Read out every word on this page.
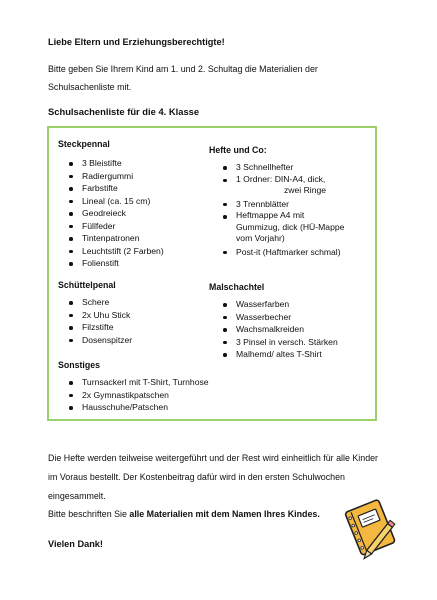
Liebe Eltern und Erziehungsberechtigte!
Bitte geben Sie Ihrem Kind am 1. und 2. Schultag die Materialien der Schulsachenliste mit.
Schulsachenliste für die 4. Klasse
Steckpennal
3 Bleistifte
Radiergummi
Farbstifte
Lineal (ca. 15 cm)
Geodreieck
Füllfeder
Tintenpatronen
Leuchtstift (2 Farben)
Folienstift
Schüttelpenal
Schere
2x Uhu Stick
Filzstifte
Dosenspitzer
Sonstiges
Turnsackerl mit T-Shirt, Turnhose
2x Gymnastikpatschen
Hausschuhe/Patschen
Hefte und Co:
3 Schnellhefter
1 Ordner: DIN-A4, dick,
zwei Ringe
3 Trennblätter
Heftmappe A4 mit
Gummizug, dick (HÜ-Mappe
vom Vorjahr)
Post-it (Haftmarker schmal)
Malschachtel
Wasserfarben
Wasserbecher
Wachsmalkreiden
3 Pinsel in versch. Stärken
Malhemd/ altes T-Shirt
Die Hefte werden teilweise weitergeführt und der Rest wird einheitlich für alle Kinder im Voraus bestellt. Der Kostenbeitrag dafür wird in den ersten Schulwochen eingesammelt.
Bitte beschriften Sie alle Materialien mit dem Namen Ihres Kindes.
Vielen Dank!
